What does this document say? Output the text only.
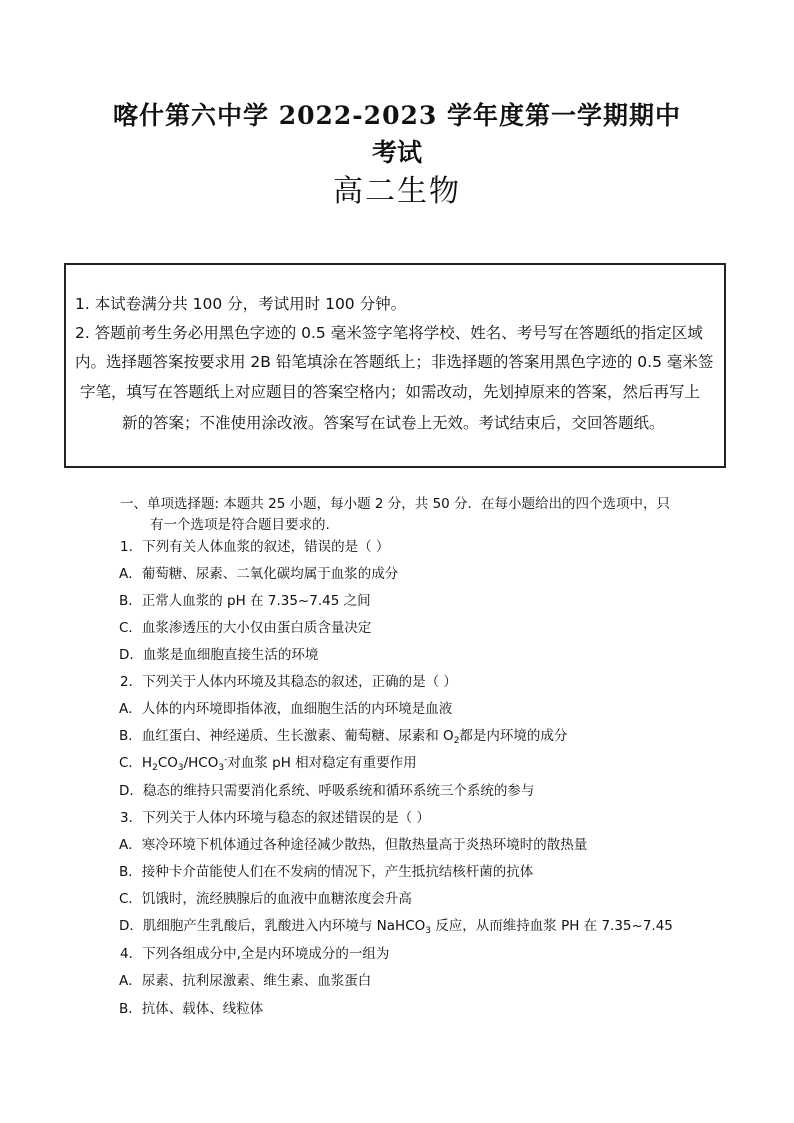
喀什第六中学 2022-2023 学年度第一学期期中
考试
高二生物
1. 本试卷满分共 100 分，考试用时 100 分钟。
2. 答题前考生务必用黑色字迹的 0.5 毫米签字笔将学校、姓名、考号写在答题纸的指定区域
内。选择题答案按要求用 2B 铅笔填涂在答题纸上；非选择题的答案用黑色字迹的 0.5 毫米签
字笔，填写在答题纸上对应题目的答案空格内；如需改动，先划掉原来的答案，然后再写上
新的答案；不准使用涂改液。答案写在试卷上无效。考试结束后，交回答题纸。
一、单项选择题: 本题共 25 小题，每小题 2 分，共 50 分．在每小题给出的四个选项中，只
有一个选项是符合题目要求的.
1．下列有关人体血浆的叙述，错误的是（ ）
A．葡萄糖、尿素、二氧化碳均属于血浆的成分
B．正常人血浆的 pH 在 7.35~7.45 之间
C．血浆渗透压的大小仅由蛋白质含量决定
D．血浆是血细胞直接生活的环境
2．下列关于人体内环境及其稳态的叙述，正确的是（ ）
A．人体的内环境即指体液，血细胞生活的内环境是血液
B．血红蛋白、神经递质、生长激素、葡萄糖、尿素和 $O_2$都是内环境的成分
C．$H_2CO_3/HCO_3^-$对血浆 pH 相对稳定有重要作用
D．稳态的维持只需要消化系统、呼吸系统和循环系统三个系统的参与
3．下列关于人体内环境与稳态的叙述错误的是（ ）
A．寒冷环境下机体通过各种途径减少散热，但散热量高于炎热环境时的散热量
B．接种卡介苗能使人们在不发病的情况下，产生抵抗结核杆菌的抗体
C．饥饿时，流经胰腺后的血液中血糖浓度会升高
D．肌细胞产生乳酸后，乳酸进入内环境与 NaHCO$_3$ 反应，从而维持血浆 PH 在 7.35~7.45
4．下列各组成分中,全是内环境成分的一组为
A．尿素、抗利尿激素、维生素、血浆蛋白
B．抗体、载体、线粒体
